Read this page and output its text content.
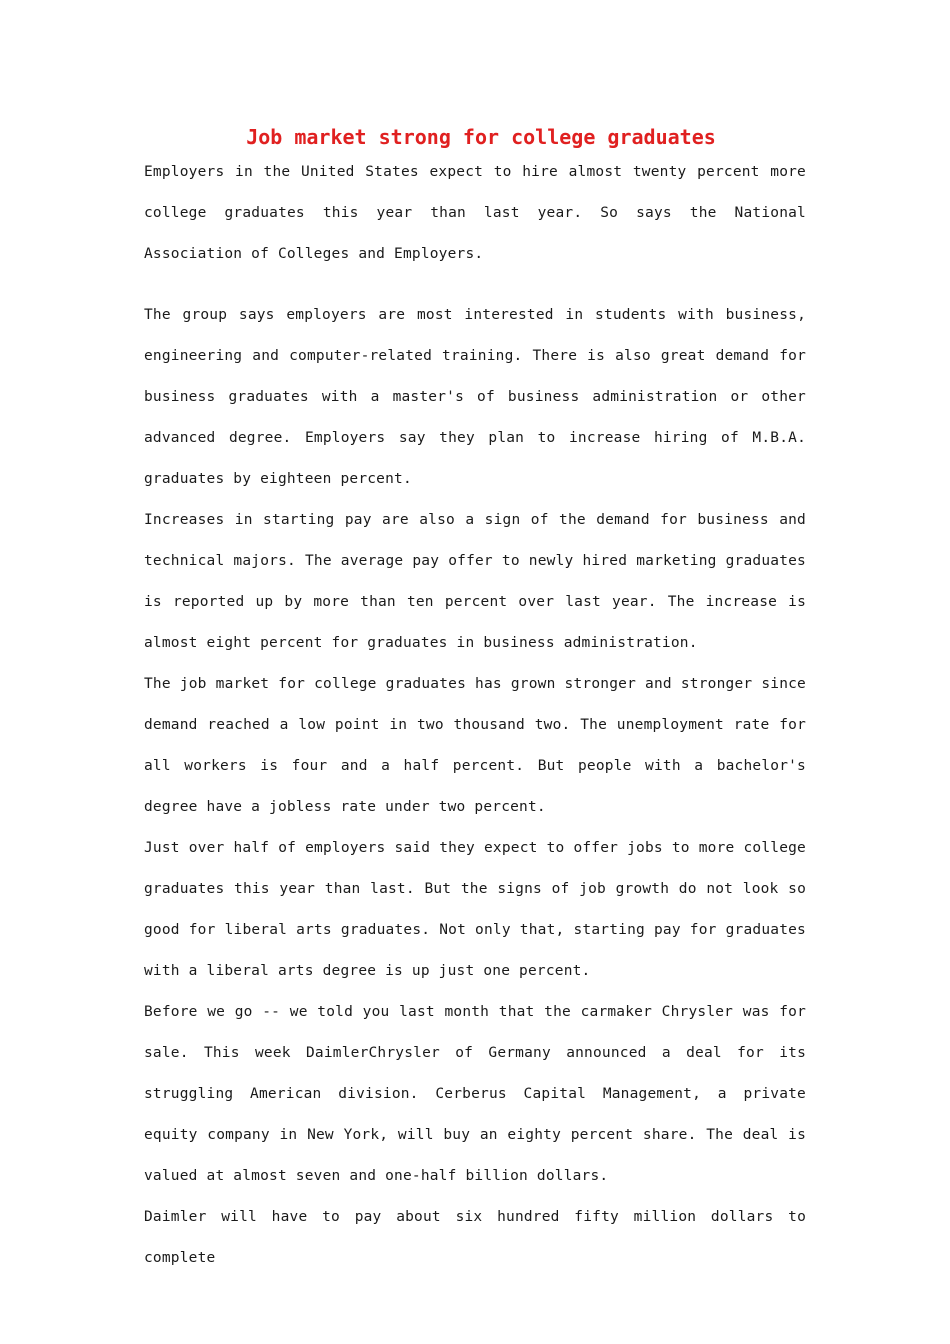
Job market strong for college graduates

Employers in the United States expect to hire almost twenty percent more college graduates this year than last year. So says the National Association of Colleges and Employers.

The group says employers are most interested in students with business, engineering and computer-related training. There is also great demand for business graduates with a master's of business administration or other advanced degree. Employers say they plan to increase hiring of M.B.A. graduates by eighteen percent.

Increases in starting pay are also a sign of the demand for business and technical majors. The average pay offer to newly hired marketing graduates is reported up by more than ten percent over last year. The increase is almost eight percent for graduates in business administration.

The job market for college graduates has grown stronger and stronger since demand reached a low point in two thousand two. The unemployment rate for all workers is four and a half percent. But people with a bachelor's degree have a jobless rate under two percent.

Just over half of employers said they expect to offer jobs to more college graduates this year than last. But the signs of job growth do not look so good for liberal arts graduates. Not only that, starting pay for graduates with a liberal arts degree is up just one percent.

Before we go -- we told you last month that the carmaker Chrysler was for sale. This week DaimlerChrysler of Germany announced a deal for its struggling American division. Cerberus Capital Management, a private equity company in New York, will buy an eighty percent share. The deal is valued at almost seven and one-half billion dollars.

Daimler will have to pay about six hundred fifty million dollars to complete
